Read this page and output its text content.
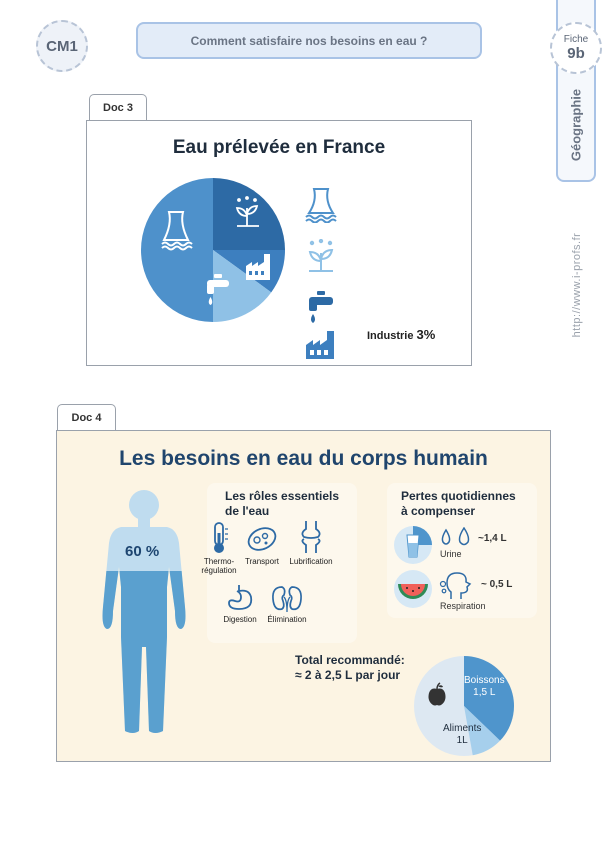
CM1	Comment satisfaire nos besoins en eau ?	Fiche
9b
Géographie
http://www.i-profs.fr
Doc 3
Eau prélevée en France
Industrie 3%
Doc 4
Les besoins en eau du corps humain
60 %
Les rôles essentiels
de l'eau
Thermo-
régulation
Transport	Lubrification
Digestion	Élimination
Pertes quotidiennes
à compenser
~1,4 L
Urine
~ 0,5 L
Respiration
Total recommandé:
≈ 2 à 2,5 L par jour	Boissons
1,5 L
Aliments
1L
